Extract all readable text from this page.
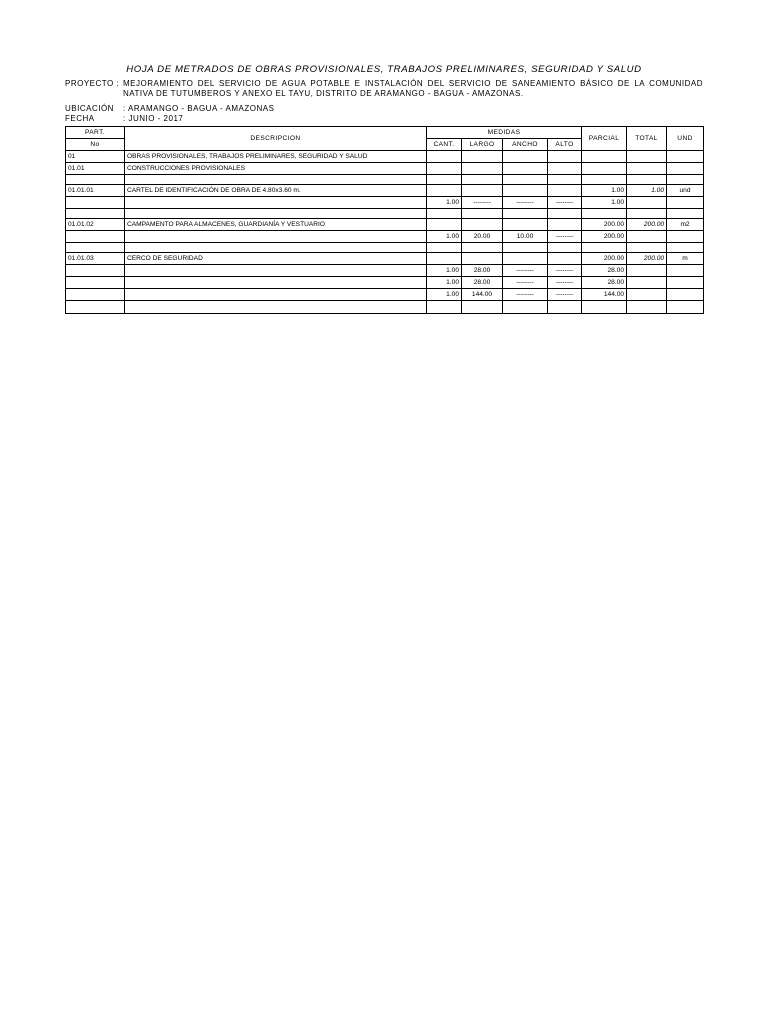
HOJA DE METRADOS DE OBRAS PROVISIONALES, TRABAJOS PRELIMINARES, SEGURIDAD Y SALUD
PROYECTO : MEJORAMIENTO DEL SERVICIO DE AGUA POTABLE E INSTALACIÓN DEL SERVICIO DE SANEAMIENTO BÁSICO DE LA COMUNIDAD NATIVA DE TUTUMBEROS Y ANEXO EL TAYU, DISTRITO DE ARAMANGO - BAGUA - AMAZONAS.
UBICACIÓN	: ARAMANGO - BAGUA - AMAZONAS
FECHA	: JUNIO - 2017
PART.	DESCRIPCION	MEDIDAS				PARCIAL	TOTAL	UND
No		CANT.	LARGO	ANCHO	ALTO			
01	OBRAS PROVISIONALES, TRABAJOS PRELIMINARES, SEGURIDAD Y SALUD							
01.01	CONSTRUCCIONES PROVISIONALES							

01.01.01	CARTEL DE IDENTIFICACIÓN DE OBRA DE 4.80x3.60 m.					1.00	1.00	und
		1.00	--------	--------	--------	1.00		

01.01.02	CAMPAMENTO PARA ALMACENES, GUARDIANÍA Y VESTUARIO					200.00	200.00	m2
		1.00	20.00	10.00	--------	200.00		

01.01.03	CERCO DE SEGURIDAD					200.00	200.00	m
		1.00	28.00	--------	--------	28.00		
		1.00	28.00	--------	--------	28.00		
		1.00	144.00	--------	--------	144.00		
